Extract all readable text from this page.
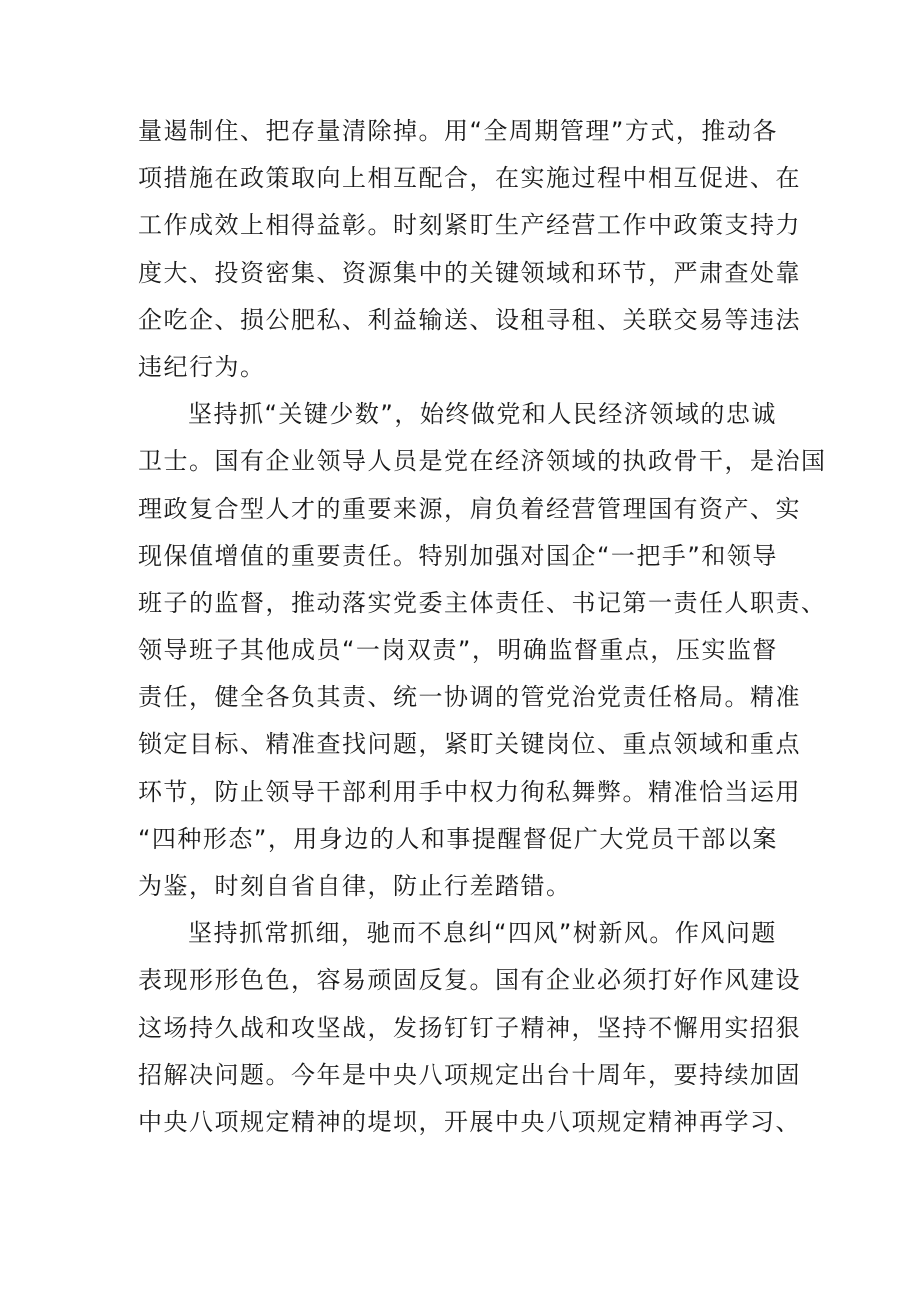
量遏制住、把存量清除掉。用“全周期管理”方式，推动各
项措施在政策取向上相互配合，在实施过程中相互促进、在
工作成效上相得益彰。时刻紧盯生产经营工作中政策支持力
度大、投资密集、资源集中的关键领域和环节，严肃查处靠
企吃企、损公肥私、利益输送、设租寻租、关联交易等违法
违纪行为。
坚持抓“关键少数”，始终做党和人民经济领域的忠诚
卫士。国有企业领导人员是党在经济领域的执政骨干，是治国
理政复合型人才的重要来源，肩负着经营管理国有资产、实
现保值增值的重要责任。特别加强对国企“一把手”和领导
班子的监督，推动落实党委主体责任、书记第一责任人职责、
领导班子其他成员“一岗双责”，明确监督重点，压实监督
责任，健全各负其责、统一协调的管党治党责任格局。精准
锁定目标、精准查找问题，紧盯关键岗位、重点领域和重点
环节，防止领导干部利用手中权力徇私舞弊。精准恰当运用
“四种形态”，用身边的人和事提醒督促广大党员干部以案
为鉴，时刻自省自律，防止行差踏错。
坚持抓常抓细，驰而不息纠“四风”树新风。作风问题
表现形形色色，容易顽固反复。国有企业必须打好作风建设
这场持久战和攻坚战，发扬钉钉子精神，坚持不懈用实招狠
招解决问题。今年是中央八项规定出台十周年，要持续加固
中央八项规定精神的堤坝，开展中央八项规定精神再学习、
